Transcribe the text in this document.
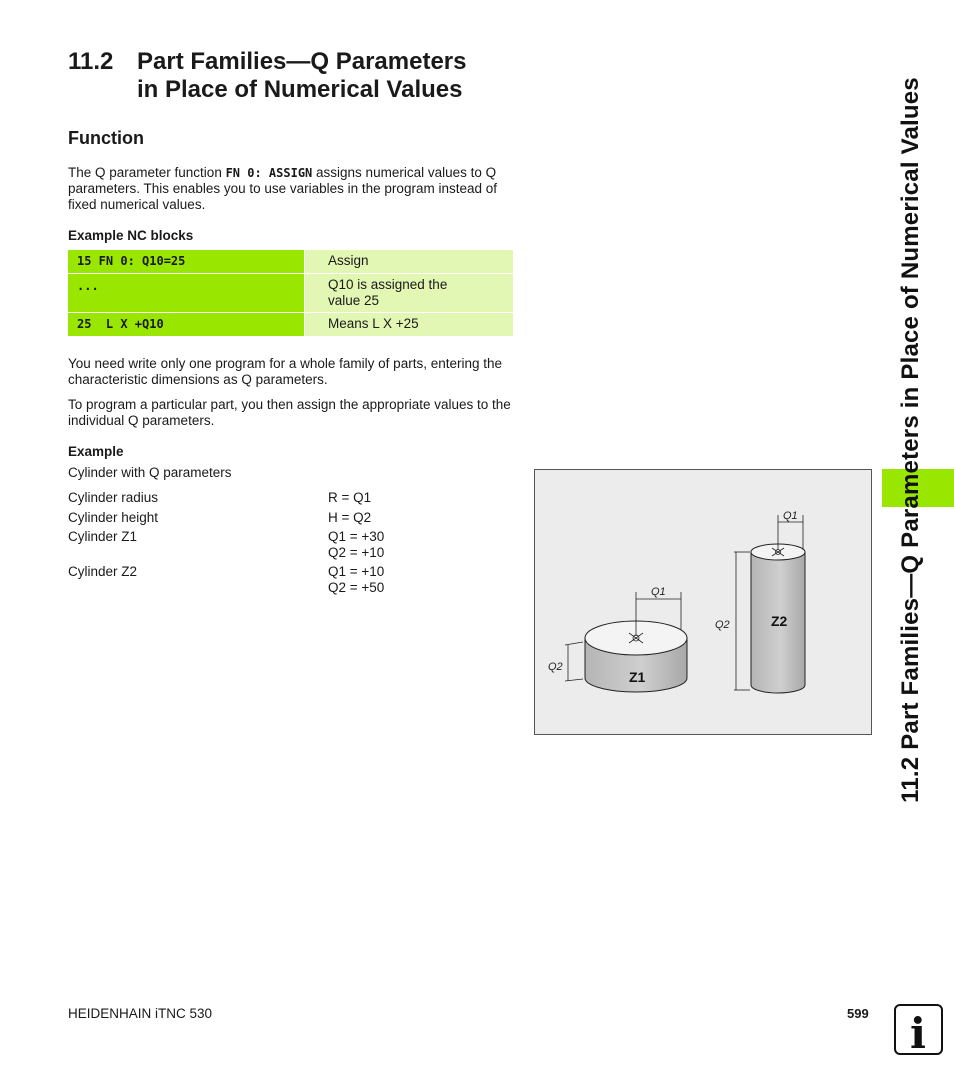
11.2 Part Families—Q Parameters
in Place of Numerical Values
Function

The Q parameter function FN 0: ASSIGN assigns numerical values to Q parameters. This enables you to use variables in the program instead of fixed numerical values.

Example NC blocks

15 FN 0: Q10=25	Assign
...	Q10 is assigned the value 25
25  L X +Q10	Means L X +25

You need write only one program for a whole family of parts, entering the characteristic dimensions as Q parameters.

To program a particular part, you then assign the appropriate values to the individual Q parameters.

Example

Cylinder with Q parameters
Cylinder radius	R = Q1
Cylinder height	H = Q2
Cylinder Z1	Q1 = +30
Q2 = +10
Cylinder Z2	Q1 = +10
Q2 = +50
Z1
Z2
Q1
Q2
Q1
Q2	11.2 Part Families—Q Parameters in Place of Numerical Values
HEIDENHAIN iTNC 530	599 i
